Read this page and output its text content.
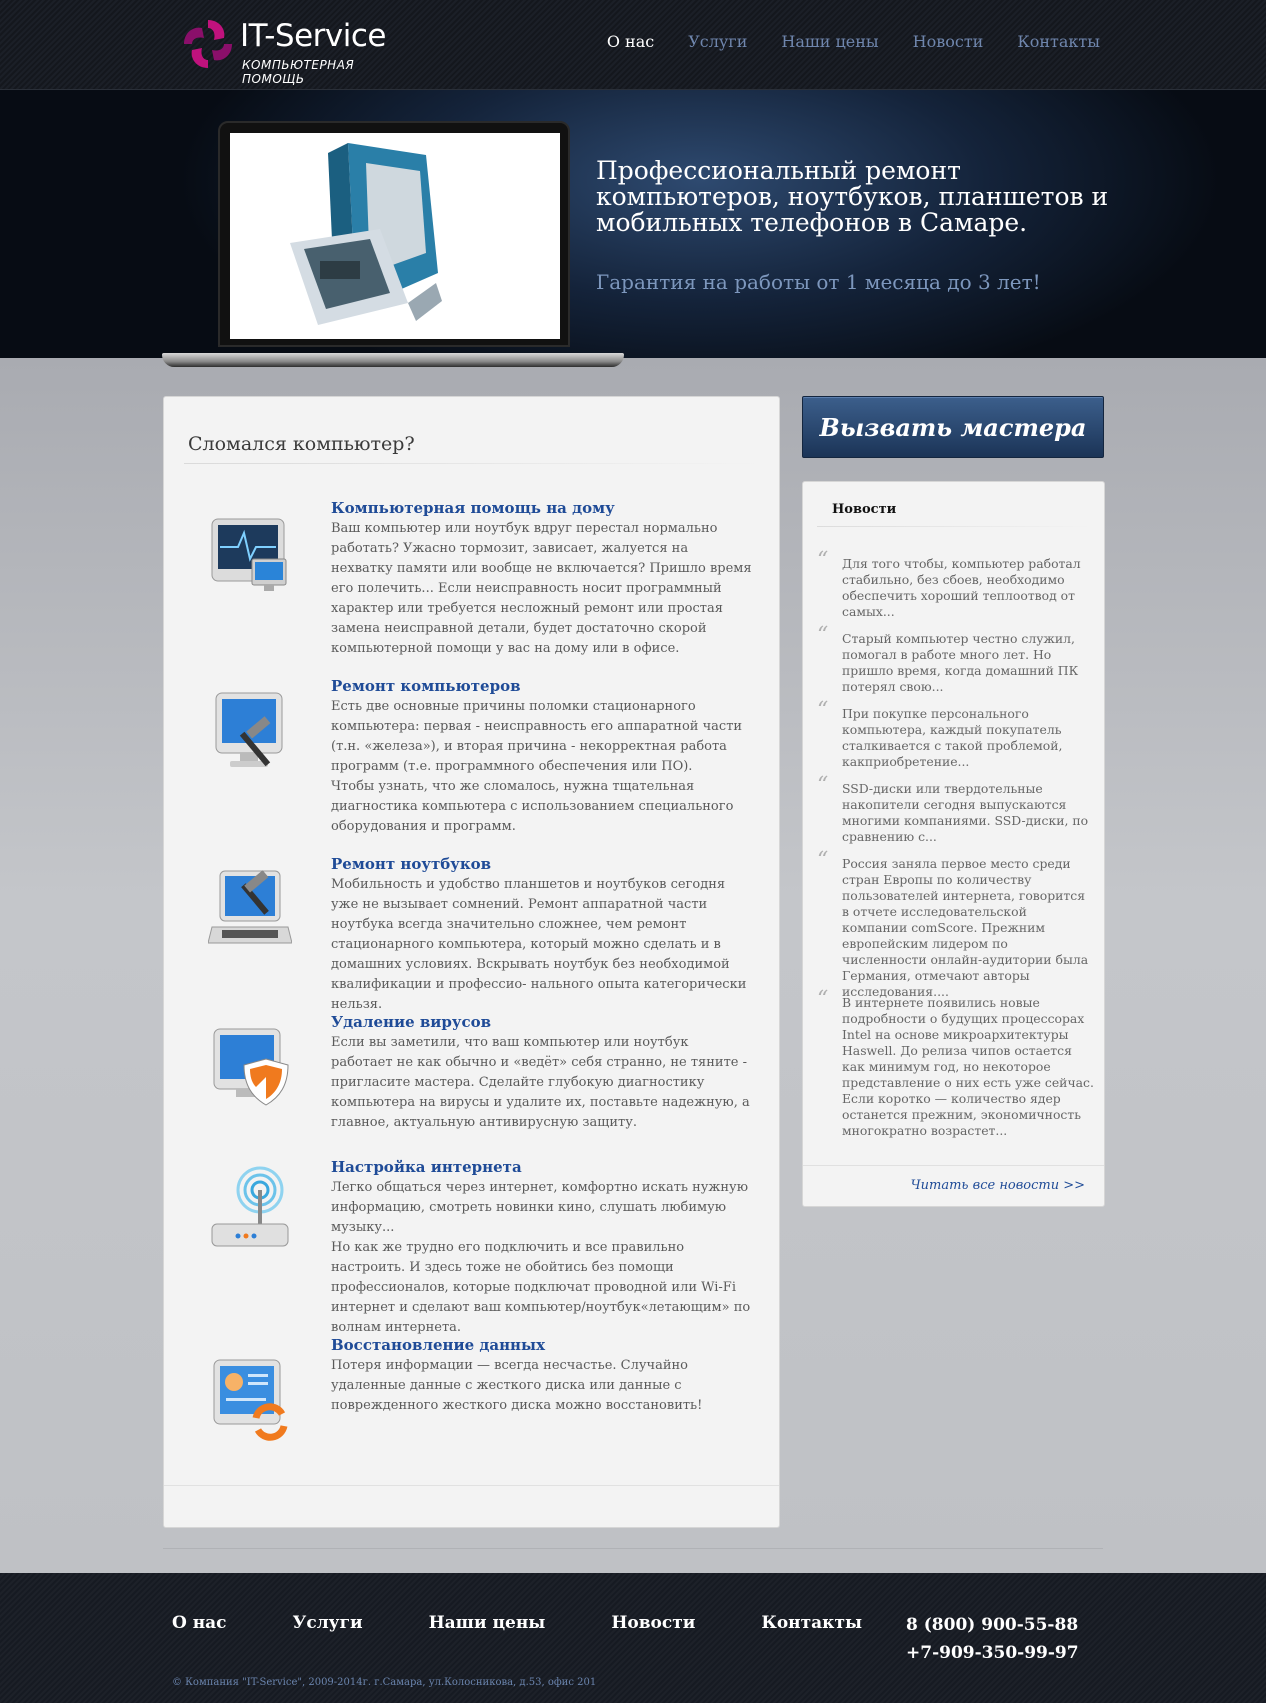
IT-Service
КОМПЬЮТЕРНАЯ ПОМОЩЬ
О нас Услуги Наши цены Новости Контакты
Профессиональный ремонт компьютеров, ноутбуков, планшетов и мобильных телефонов в Самаре.
Гарантия на работы от 1 месяца до 3 лет!
Сломался компьютер?
Компьютерная помощь на дому
Ваш компьютер или ноутбук вдруг перестал нормально работать? Ужасно тормозит, зависает, жалуется на нехватку памяти или вообще не включается? Пришло время его полечить... Если неисправность носит программный характер или требуется несложный ремонт или простая замена неисправной детали, будет достаточно скорой компьютерной помощи у вас на дому или в офисе.
Ремонт компьютеров
Есть две основные причины поломки стационарного компьютера: первая - неисправность его аппаратной части (т.н. «железа»), и вторая причина - некорректная работа программ (т.е. программного обеспечения или ПО).
Чтобы узнать, что же сломалось, нужна тщательная диагностика компьютера с использованием специального оборудования и программ.
Ремонт ноутбуков
Мобильность и удобство планшетов и ноутбуков сегодня уже не вызывает сомнений. Ремонт аппаратной части ноутбука всегда значительно сложнее, чем ремонт стационарного компьютера, который можно сделать и в домашних условиях. Вскрывать ноутбук без необходимой квалификации и профессио- нального опыта категорически нельзя.
Удаление вирусов
Если вы заметили, что ваш компьютер или ноутбук работает не как обычно и «ведёт» себя странно, не тяните - пригласите мастера. Сделайте глубокую диагностику компьютера на вирусы и удалите их, поставьте надежную, а главное, актуальную антивирусную защиту.
Настройка интернета
Легко общаться через интернет, комфортно искать нужную информацию, смотреть новинки кино, слушать любимую музыку...
Но как же трудно его подключить и все правильно настроить. И здесь тоже не обойтись без помощи профессионалов, которые подключат проводной или Wi-Fi интернет и сделают ваш компьютер/ноутбук«летающим» по волнам интернета.
Восстановление данных
Потеря информации — всегда несчастье. Случайно удаленные данные с жесткого диска или данные с поврежденного жесткого диска можно восстановить!
Вызвать мастера
Новости
“ Для того чтобы, компьютер работал стабильно, без сбоев, необходимо обеспечить хороший теплоотвод от самых...
“ Старый компьютер честно служил, помогал в работе много лет. Но пришло время, когда домашний ПК потерял свою...
“ При покупке персонального компьютера, каждый покупатель сталкивается с такой проблемой, какприобретение...
“ SSD-диски или твердотельные накопители сегодня выпускаются многими компаниями. SSD-диски, по сравнению с...
“ Россия заняла первое место среди стран Европы по количеству пользователей интернета, говорится в отчете исследовательской компании comScore. Прежним европейским лидером по численности онлайн-аудитории была Германия, отмечают авторы исследования....
“ В интернете появились новые подробности о будущих процессорах Intel на основе микроархитектуры Haswell. До релиза чипов остается как минимум год, но некоторое представление о них есть уже сейчас. Если коротко — количество ядер останется прежним, экономичность многократно возрастет...
Читать все новости >>
О нас	Услуги	Наши цены	Новости	Контакты	8 (800) 900-55-88
+7-909-350-99-97
© Компания "IT-Service", 2009-2014г. г.Самара, ул.Колосникова, д.53, офис 201
